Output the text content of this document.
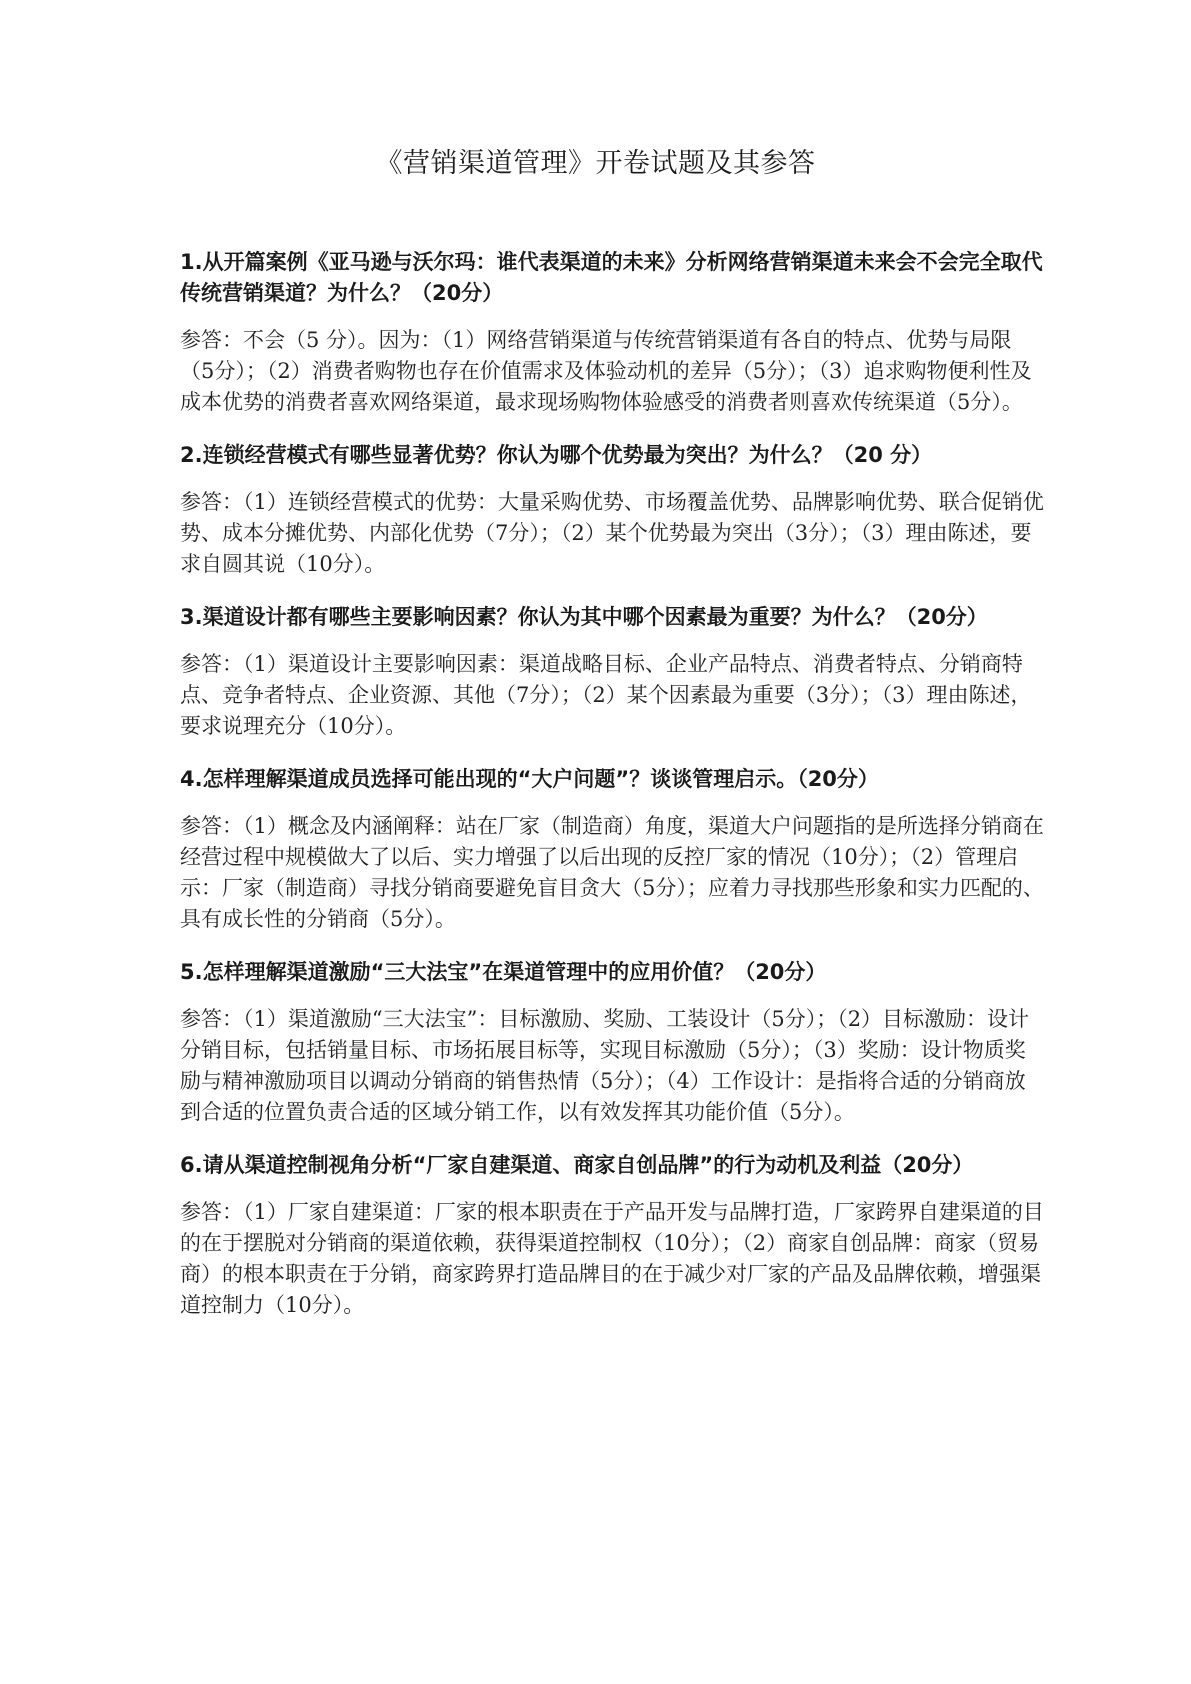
《营销渠道管理》开卷试题及其参答

1.从开篇案例《亚马逊与沃尔玛：谁代表渠道的未来》分析网络营销渠道未来会不会完全取代传统营销渠道？为什么？（20分）

参答：不会（5 分）。因为：（1）网络营销渠道与传统营销渠道有各自的特点、优势与局限（5分）；（2）消费者购物也存在价值需求及体验动机的差异（5分）；（3）追求购物便利性及成本优势的消费者喜欢网络渠道，最求现场购物体验感受的消费者则喜欢传统渠道（5分）。

2.连锁经营模式有哪些显著优势？你认为哪个优势最为突出？为什么？（20 分）

参答：（1）连锁经营模式的优势：大量采购优势、市场覆盖优势、品牌影响优势、联合促销优势、成本分摊优势、内部化优势（7分）；（2）某个优势最为突出（3分）；（3）理由陈述，要求自圆其说（10分）。

3.渠道设计都有哪些主要影响因素？你认为其中哪个因素最为重要？为什么？（20分）

参答：（1）渠道设计主要影响因素：渠道战略目标、企业产品特点、消费者特点、分销商特点、竞争者特点、企业资源、其他（7分）；（2）某个因素最为重要（3分）；（3）理由陈述，要求说理充分（10分）。

4.怎样理解渠道成员选择可能出现的“大户问题”？谈谈管理启示。（20分）

参答：（1）概念及内涵阐释：站在厂家（制造商）角度，渠道大户问题指的是所选择分销商在经营过程中规模做大了以后、实力增强了以后出现的反控厂家的情况（10分）；（2）管理启示：厂家（制造商）寻找分销商要避免盲目贪大（5分）；应着力寻找那些形象和实力匹配的、具有成长性的分销商（5分）。

5.怎样理解渠道激励“三大法宝”在渠道管理中的应用价值？（20分）

参答：（1）渠道激励“三大法宝”：目标激励、奖励、工装设计（5分）；（2）目标激励：设计分销目标，包括销量目标、市场拓展目标等，实现目标激励（5分）；（3）奖励：设计物质奖励与精神激励项目以调动分销商的销售热情（5分）；（4）工作设计：是指将合适的分销商放到合适的位置负责合适的区域分销工作，以有效发挥其功能价值（5分）。

6.请从渠道控制视角分析“厂家自建渠道、商家自创品牌”的行为动机及利益（20分）

参答：（1）厂家自建渠道：厂家的根本职责在于产品开发与品牌打造，厂家跨界自建渠道的目的在于摆脱对分销商的渠道依赖，获得渠道控制权（10分）；（2）商家自创品牌：商家（贸易商）的根本职责在于分销，商家跨界打造品牌目的在于减少对厂家的产品及品牌依赖，增强渠道控制力（10分）。
